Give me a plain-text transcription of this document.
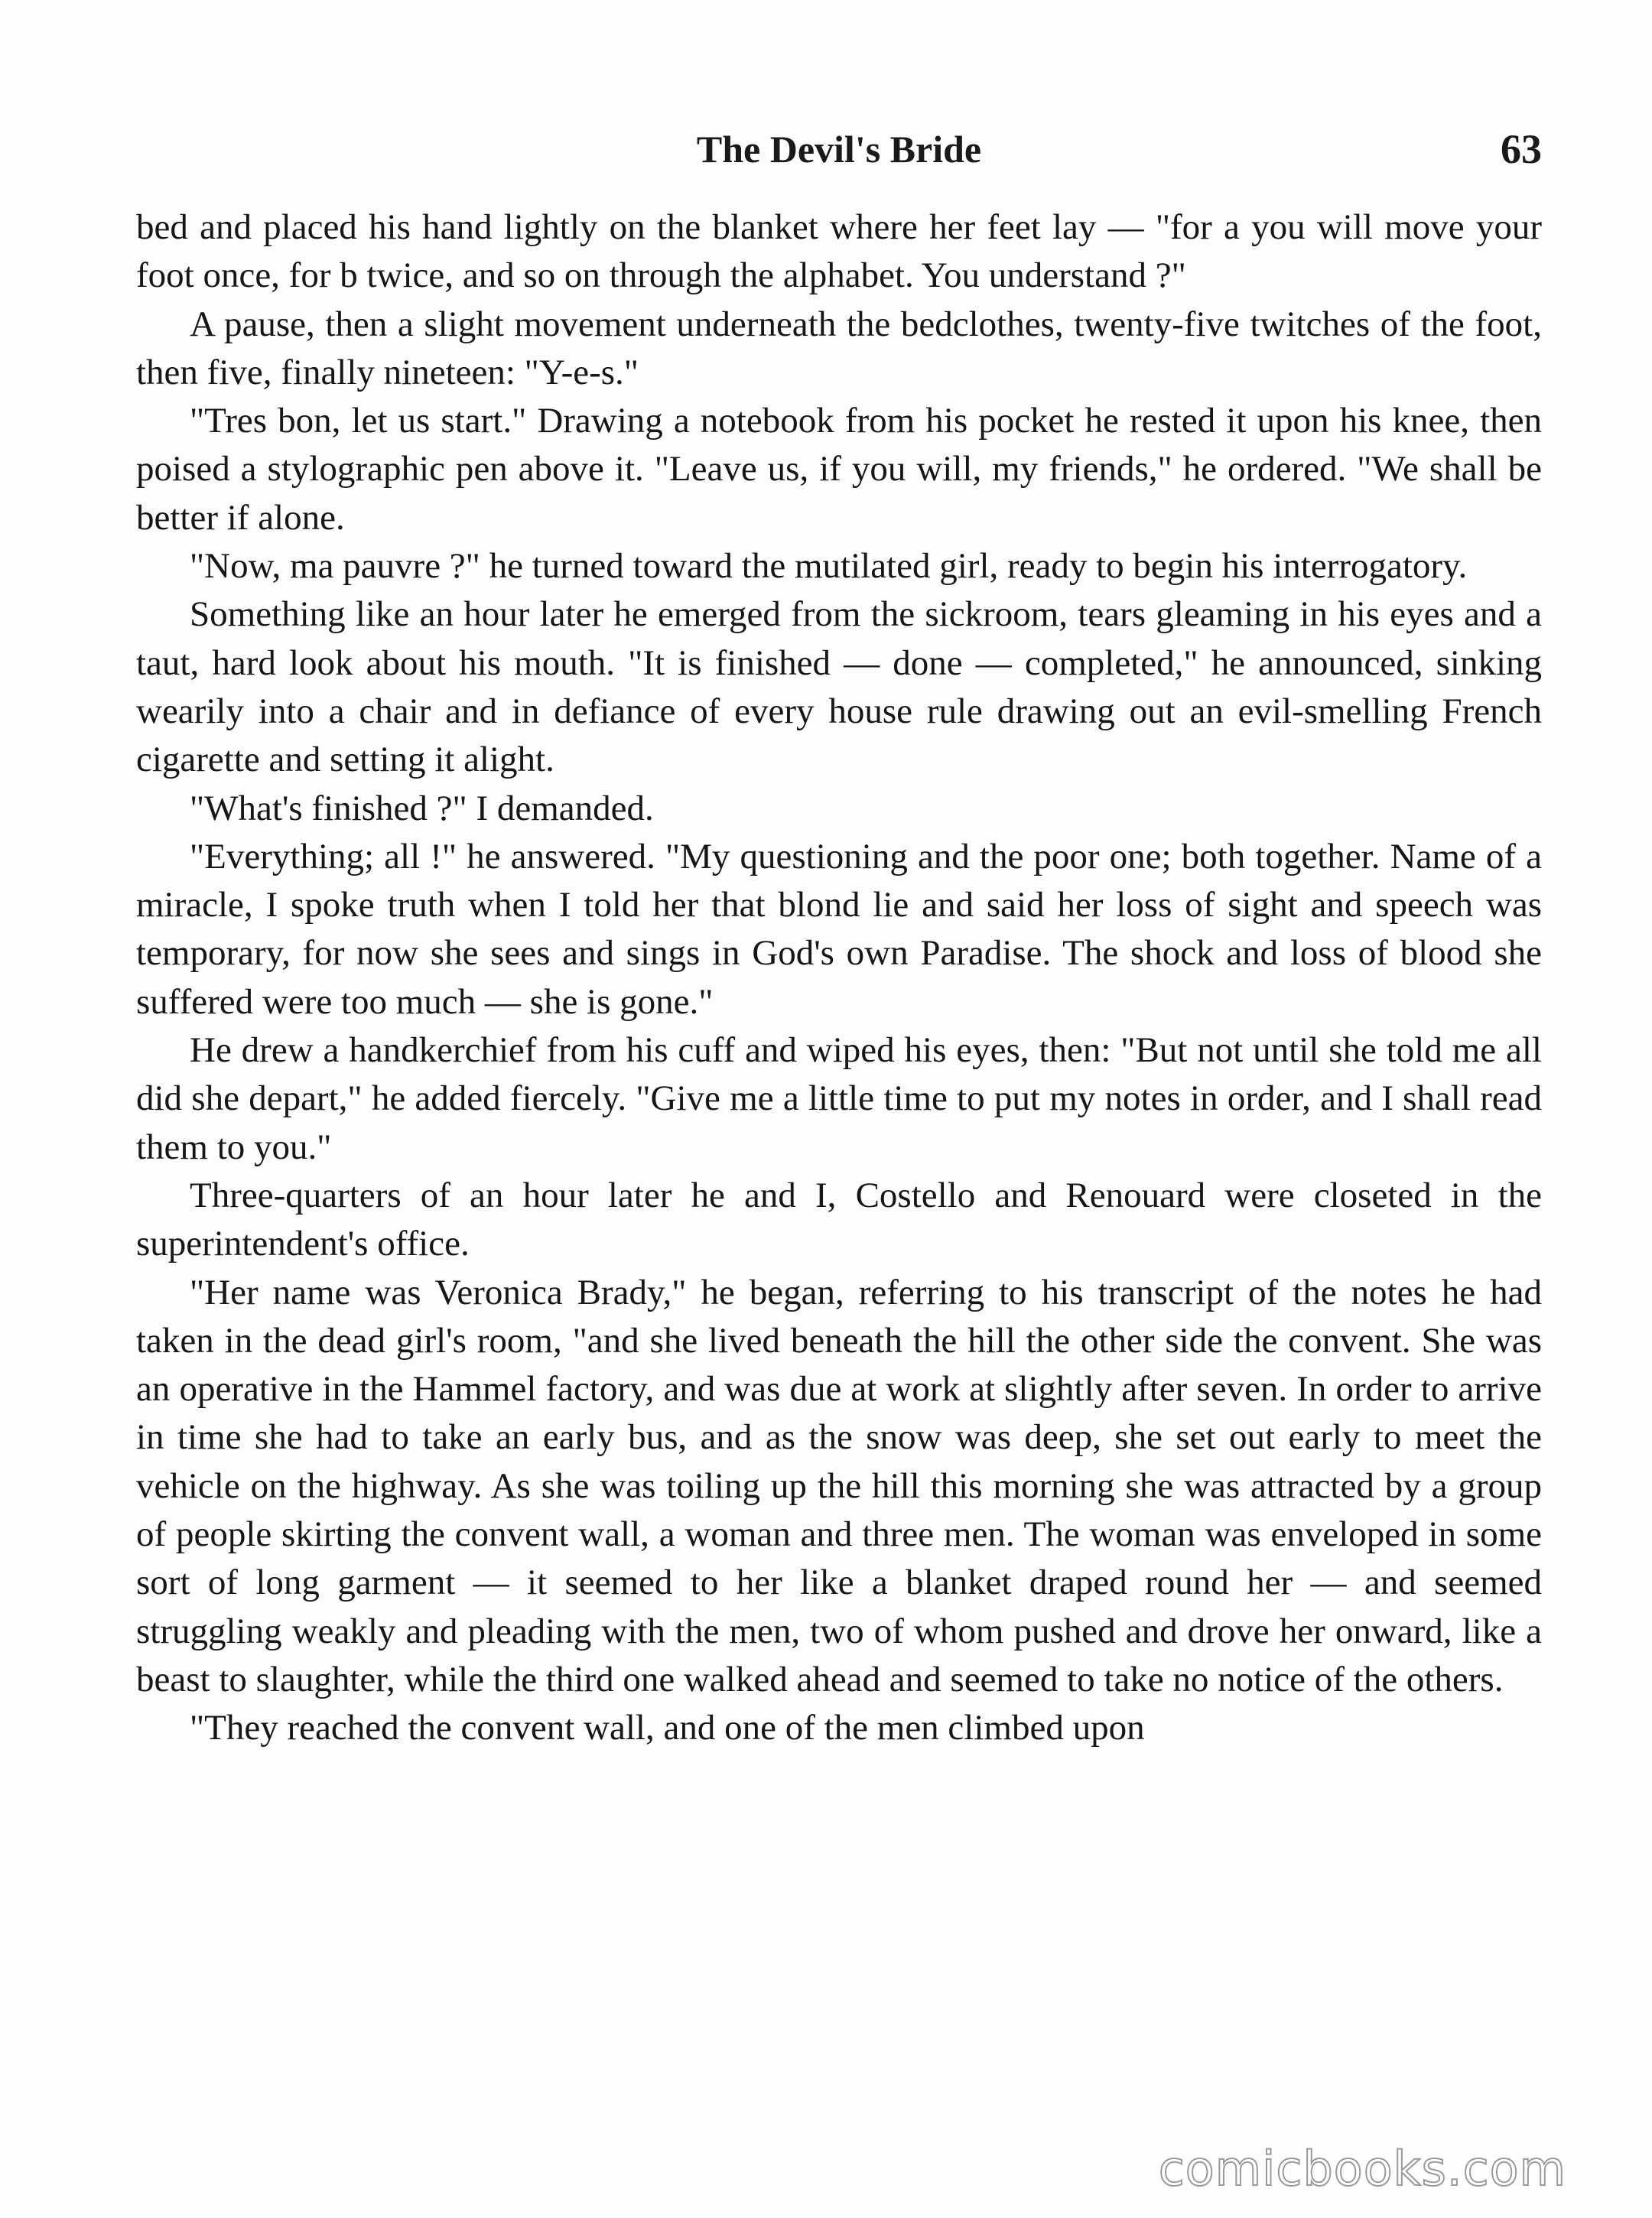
The Devil's Bride	63

bed and placed his hand lightly on the blanket where her feet lay — "for a you will move your foot once, for b twice, and so on through the alphabet. You understand ?"

A pause, then a slight movement underneath the bedclothes, twenty-five twitches of the foot, then five, finally nineteen: "Y-e-s."

"Tres bon, let us start." Drawing a notebook from his pocket he rested it upon his knee, then poised a stylographic pen above it. "Leave us, if you will, my friends," he ordered. "We shall be better if alone.

"Now, ma pauvre ?" he turned toward the mutilated girl, ready to begin his interrogatory.

Something like an hour later he emerged from the sickroom, tears gleaming in his eyes and a taut, hard look about his mouth. "It is finished — done — completed," he announced, sinking wearily into a chair and in defiance of every house rule drawing out an evil-smelling French cigarette and setting it alight.

"What's finished ?" I demanded.

"Everything; all !" he answered. "My questioning and the poor one; both together. Name of a miracle, I spoke truth when I told her that blond lie and said her loss of sight and speech was temporary, for now she sees and sings in God's own Paradise. The shock and loss of blood she suffered were too much — she is gone."

He drew a handkerchief from his cuff and wiped his eyes, then: "But not until she told me all did she depart," he added fiercely. "Give me a little time to put my notes in order, and I shall read them to you."

Three-quarters of an hour later he and I, Costello and Renouard were closeted in the superintendent's office.

"Her name was Veronica Brady," he began, referring to his transcript of the notes he had taken in the dead girl's room, "and she lived beneath the hill the other side the convent. She was an operative in the Hammel factory, and was due at work at slightly after seven. In order to arrive in time she had to take an early bus, and as the snow was deep, she set out early to meet the vehicle on the highway. As she was toiling up the hill this morning she was attracted by a group of people skirting the convent wall, a woman and three men. The woman was enveloped in some sort of long garment — it seemed to her like a blanket draped round her — and seemed struggling weakly and pleading with the men, two of whom pushed and drove her onward, like a beast to slaughter, while the third one walked ahead and seemed to take no notice of the others.

"They reached the convent wall, and one of the men climbed upon

comicbooks.com
